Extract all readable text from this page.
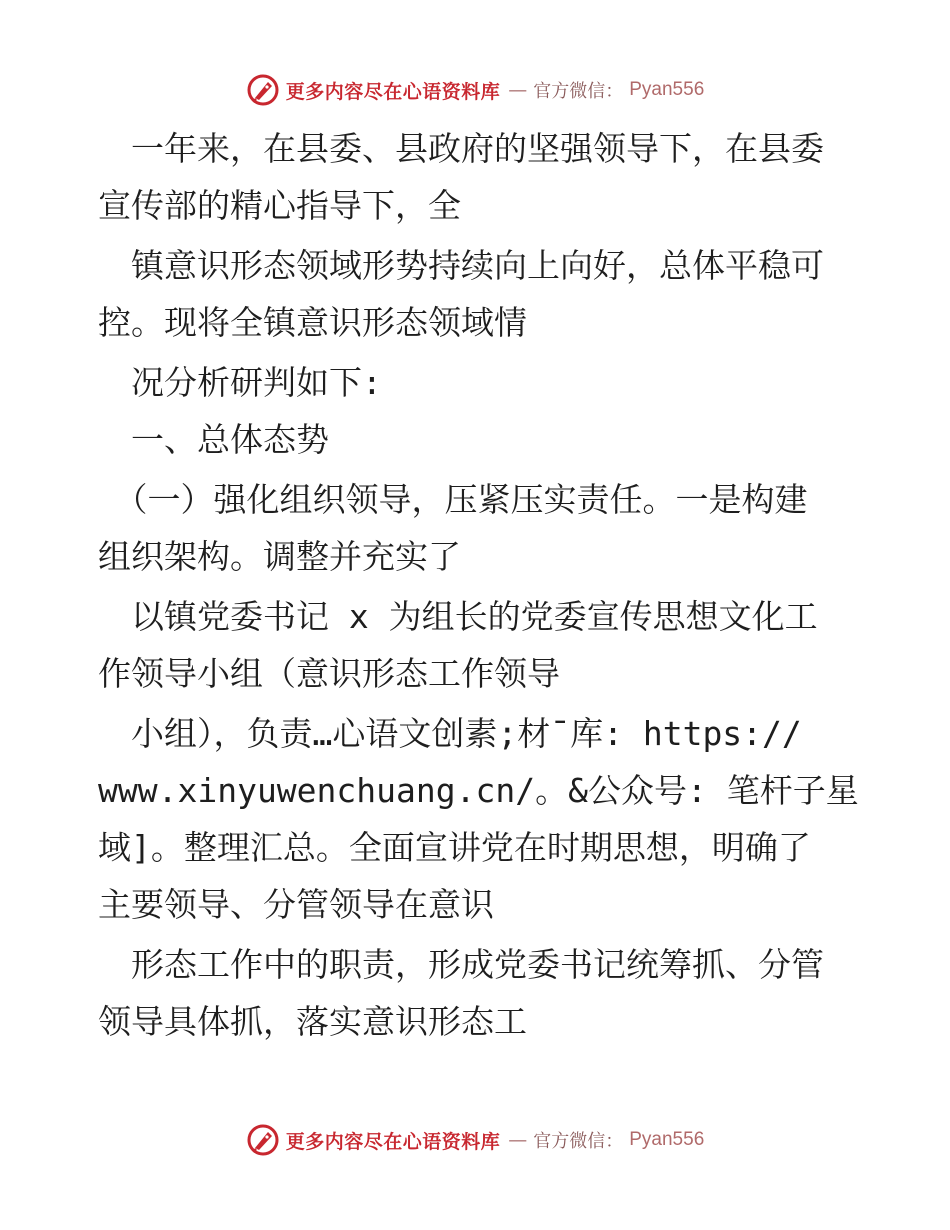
更多内容尽在心语资料库 — 官方微信： Pyan556
　一年来，在县委、县政府的坚强领导下，在县委
宣传部的精心指导下，全
　镇意识形态领域形势持续向上向好，总体平稳可
控。现将全镇意识形态领域情
　况分析研判如下:
　一、总体态势
　（一）强化组织领导，压紧压实责任。一是构建
组织架构。调整并充实了
　以镇党委书记 x 为组长的党委宣传思想文化工
作领导小组（意识形态工作领导
　小组），负责…心语文创素;材¯库: https://
www.xinyuwenchuang.cn/。&公众号: 笔杆子星
域]。整理汇总。全面宣讲党在时期思想，明确了
主要领导、分管领导在意识
　形态工作中的职责，形成党委书记统筹抓、分管
领导具体抓，落实意识形态工
更多内容尽在心语资料库 — 官方微信： Pyan556
